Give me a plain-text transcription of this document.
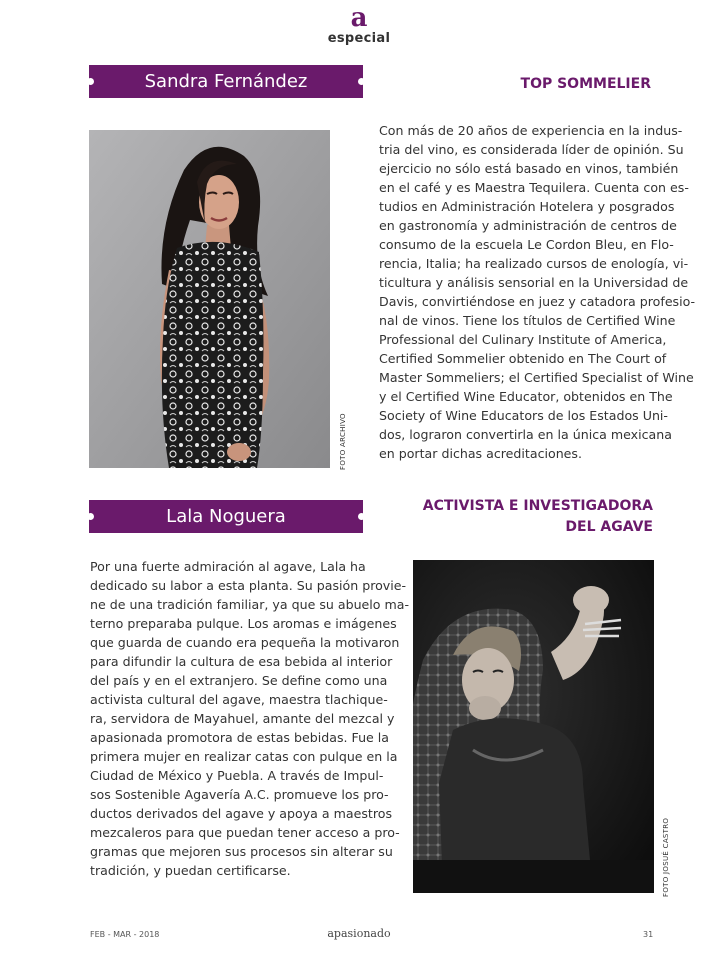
a
especial
Sandra Fernández	TOP SOMMELIER
FOTO ARCHIVO
Con más de 20 años de experiencia en la indus-
tria del vino, es considerada líder de opinión. Su
ejercicio no sólo está basado en vinos, también
en el café y es Maestra Tequilera. Cuenta con es-
tudios en Administración Hotelera y posgrados
en gastronomía y administración de centros de
consumo de la escuela Le Cordon Bleu, en Flo-
rencia, Italia; ha realizado cursos de enología, vi-
ticultura y análisis sensorial en la Universidad de
Davis, convirtiéndose en juez y catadora profesio-
nal de vinos. Tiene los títulos de Certified Wine
Professional del Culinary Institute of America,
Certified Sommelier obtenido en The Court of
Master Sommeliers; el Certified Specialist of Wine
y el Certified Wine Educator, obtenidos en The
Society of Wine Educators de los Estados Uni-
dos, lograron convertirla en la única mexicana
en portar dichas acreditaciones.
Lala Noguera	ACTIVISTA E INVESTIGADORA
DEL AGAVE
Por una fuerte admiración al agave, Lala ha
dedicado su labor a esta planta. Su pasión provie-
ne de una tradición familiar, ya que su abuelo ma-
terno preparaba pulque. Los aromas e imágenes
que guarda de cuando era pequeña la motivaron
para difundir la cultura de esa bebida al interior
del país y en el extranjero. Se define como una
activista cultural del agave, maestra tlachique-
ra, servidora de Mayahuel, amante del mezcal y
apasionada promotora de estas bebidas. Fue la
primera mujer en realizar catas con pulque en la
Ciudad de México y Puebla. A través de Impul-
sos Sostenible Agavería A.C. promueve los pro-
ductos derivados del agave y apoya a maestros
mezcaleros para que puedan tener acceso a pro-
gramas que mejoren sus procesos sin alterar su
tradición, y puedan certificarse.	FOTO JOSUÉ CASTRO
FEB - MAR - 2018	apasionado	31
